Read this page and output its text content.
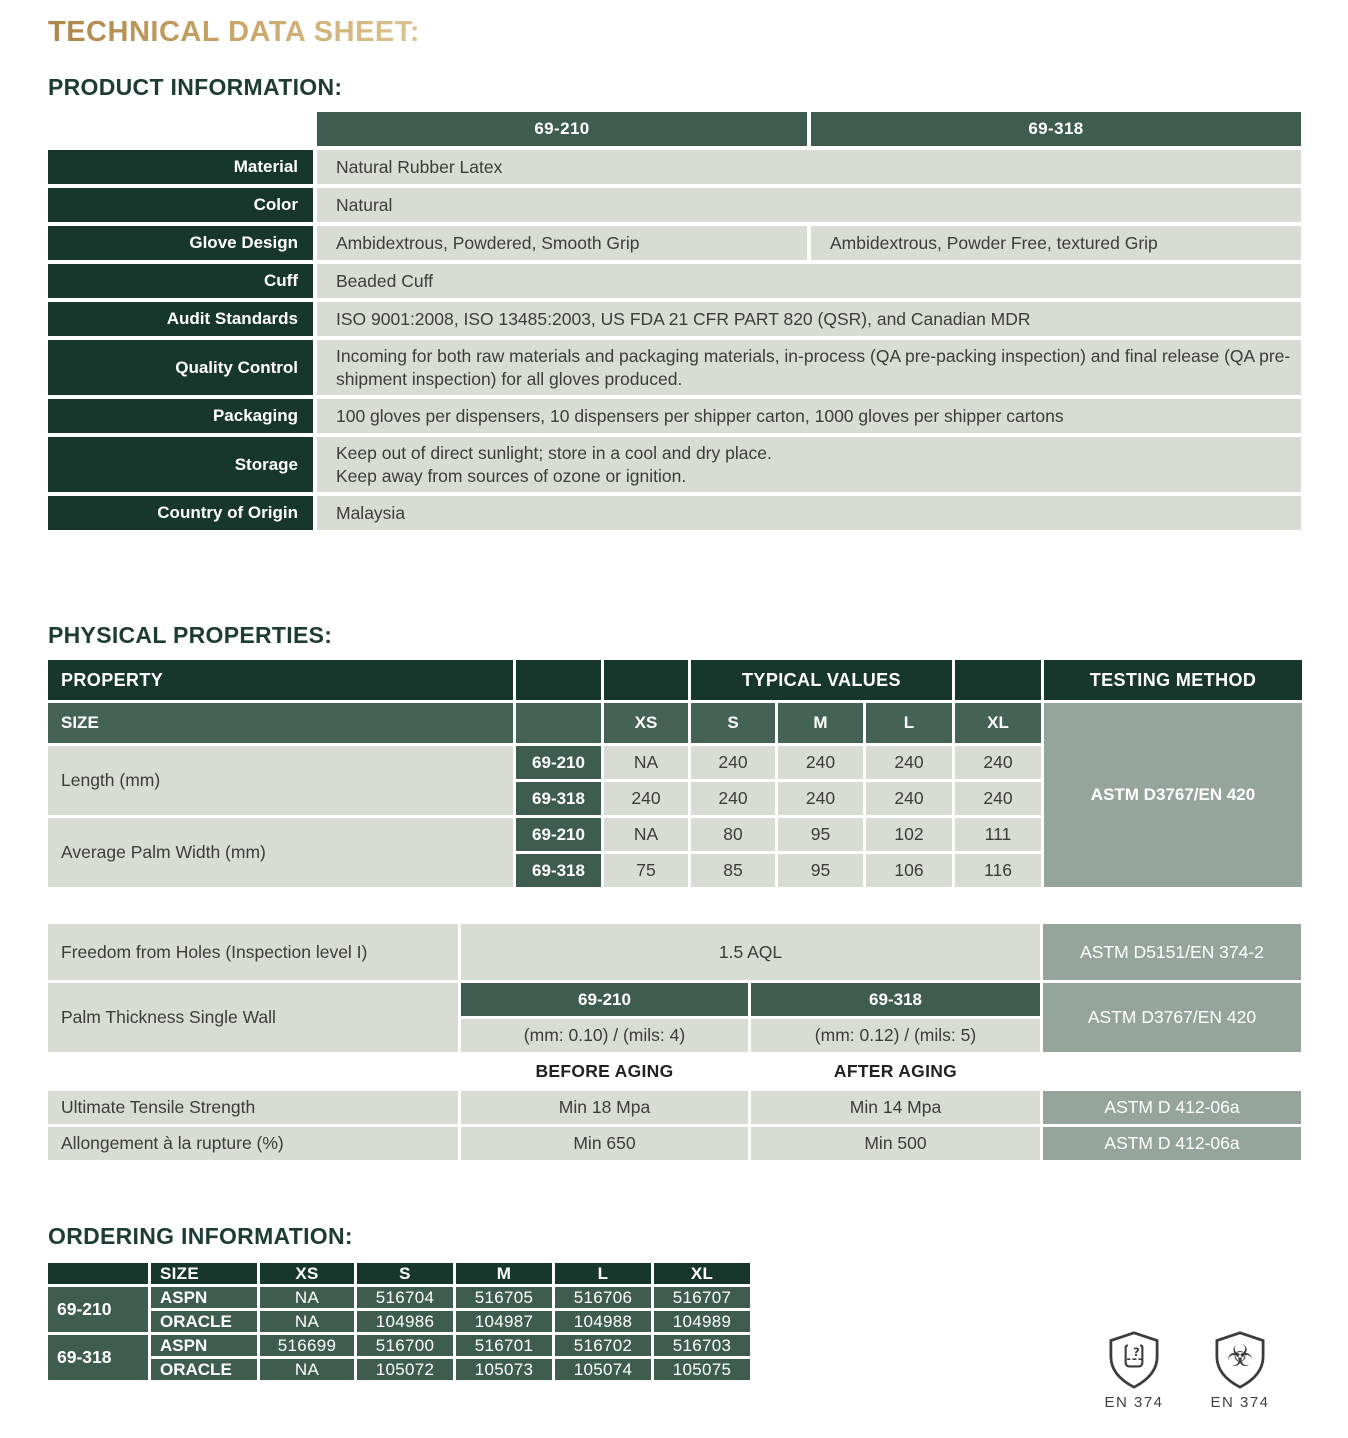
TECHNICAL DATA SHEET:
PRODUCT INFORMATION:
	69-210	69-318
Material	Natural Rubber Latex	
Color	Natural	
Glove Design	Ambidextrous, Powdered, Smooth Grip	Ambidextrous, Powder Free, textured Grip
Cuff	Beaded Cuff	
Audit Standards	ISO 9001:2008, ISO 13485:2003, US FDA 21 CFR PART 820 (QSR), and Canadian MDR	
Quality Control	Incoming for both raw materials and packaging materials, in-process (QA pre-packing inspection) and final release (QA pre-shipment inspection) for all gloves produced.	
Packaging	100 gloves per dispensers, 10 dispensers per shipper carton, 1000 gloves per shipper cartons	
Storage	Keep out of direct sunlight; store in a cool and dry place.
Keep away from sources of ozone or ignition.	

Country of Origin	Malaysia	
PHYSICAL PROPERTIES:
PROPERTY			TYPICAL VALUES				TESTING METHOD
SIZE		XS	S	M	L	XL	ASTM D3767/EN 420
Length (mm)	69-210	NA	240	240	240	240	
	69-318	240	240	240	240	240	
Average Palm Width (mm)	69-210	NA	80	95	102	111	
	69-318	75	85	95	106	116	
Freedom from Holes (Inspection level I)	1.5 AQL		ASTM D5151/EN 374-2
Palm Thickness Single Wall	69-210	69-318	ASTM D3767/EN 420
	(mm: 0.10) / (mils: 4)	(mm: 0.12) / (mils: 5)	
	BEFORE AGING	AFTER AGING	
Ultimate Tensile Strength	Min 18 Mpa	Min 14 Mpa	ASTM D 412-06a
Allongement à la rupture (%)	Min 650	Min 500	ASTM D 412-06a
ORDERING INFORMATION:
	SIZE	XS	S	M	L	XL
69-210	ASPN	NA	516704	516705	516706	516707
	ORACLE	NA	104986	104987	104988	104989
69-318	ASPN	516699	516700	516701	516702	516703
	ORACLE	NA	105072	105073	105074	105075
?
EN 374
☣
EN 374
